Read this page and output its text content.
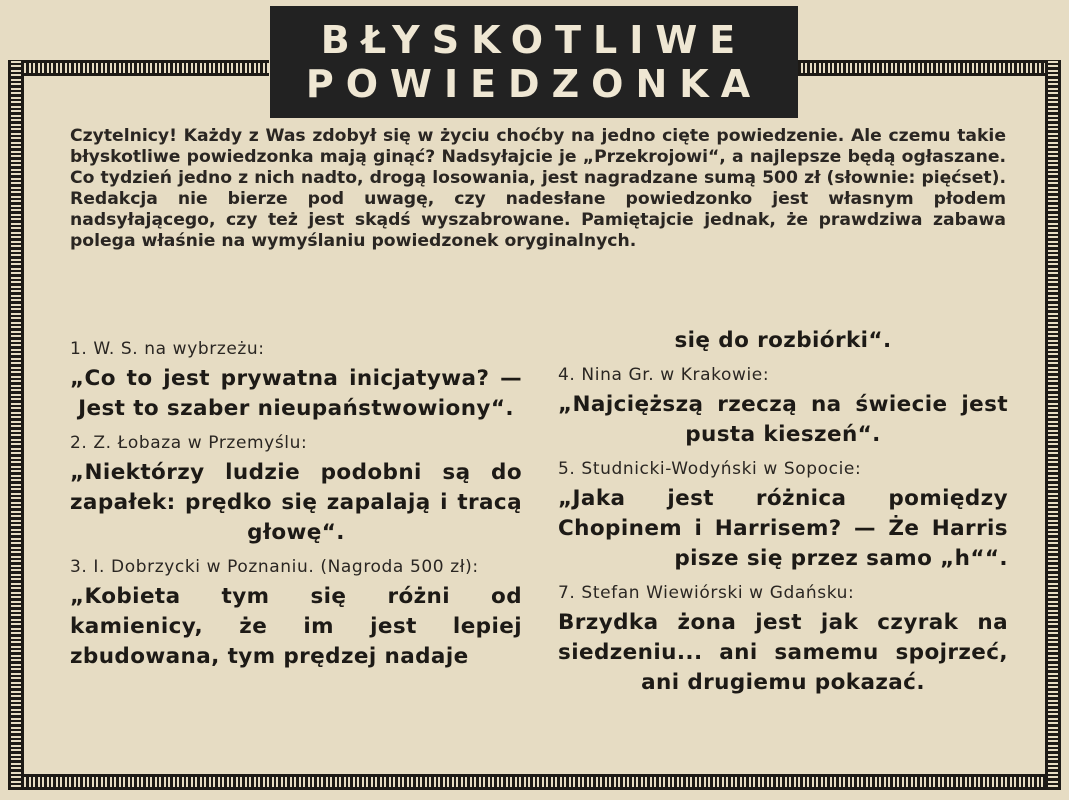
BŁYSKOTLIWE
POWIEDZONKA
Czytelnicy! Każdy z Was zdobył się w życiu choćby na jedno cięte powiedzenie. Ale czemu takie błyskotliwe powiedzonka mają ginąć? Nadsyłajcie je „Przekrojowi“, a najlepsze będą ogłaszane. Co tydzień jedno z nich nadto, drogą losowania, jest nagradzane sumą 500 zł (słownie: pięćset). Redakcja nie bierze pod uwagę, czy nadesłane powiedzonko jest własnym płodem nadsyłającego, czy też jest skądś wyszabrowane. Pamiętajcie jednak, że prawdziwa zabawa polega właśnie na wymyślaniu powiedzonek oryginalnych.
1. W. S. na wybrzeżu:
„Co to jest prywatna inicjatywa? — Jest to szaber nieupaństwowiony“.
2. Z. Łobaza w Przemyślu:
„Niektórzy ludzie podobni są do zapałek: prędko się zapalają i tracą głowę“.
3. I. Dobrzycki w Poznaniu. (Nagroda 500 zł):
„Kobieta tym się różni od kamienicy, że im jest lepiej zbudowana, tym prędzej nadaje
się do rozbiórki“.
4. Nina Gr. w Krakowie:
„Najcięższą rzeczą na świecie jest pusta kieszeń“.
5. Studnicki-Wodyński w Sopocie:
„Jaka jest różnica pomiędzy Chopinem i Harrisem? — Że Harris pisze się przez samo „h““.
7. Stefan Wiewiórski w Gdańsku:
Brzydka żona jest jak czyrak na siedzeniu... ani samemu spojrzeć, ani drugiemu pokazać.
